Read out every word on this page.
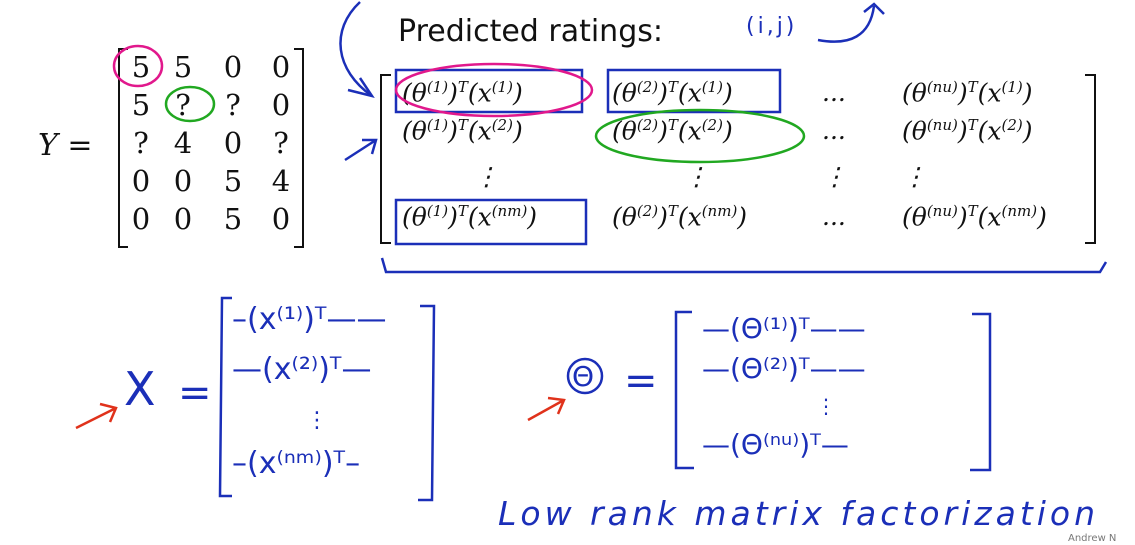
Predicted ratings:	(i,j)
Y =
5 5 0 0
5 ? ? 0
? 4 0 ?
0 0 5 4
0 0 5 0
$(\theta^{(1)})^T(x^{(1)})$	$(\theta^{(2)})^T(x^{(1)})$	... $(\theta^{(nu)})^T(x^{(1)})$
$(\theta^{(1)})^T(x^{(2)})$	$(\theta^{(2)})^T(x^{(2)})$	... $(\theta^{(nu)})^T(x^{(2)})$
⋮	⋮	⋮ ⋮
$(\theta^{(1)})^T(x^{(nm)})$	$(\theta^{(2)})^T(x^{(nm)})$	... $(\theta^{(nu)})^T(x^{(nm)})$
X =
–(x⁽¹⁾)ᵀ——
—(x⁽²⁾)ᵀ—
⋮
–(x⁽ⁿᵐ⁾)ᵀ–
Θ =
—(Θ⁽¹⁾)ᵀ——
—(Θ⁽²⁾)ᵀ——
⋮
—(Θ⁽ⁿᵘ⁾)ᵀ—
Low rank matrix factorization
Andrew N
